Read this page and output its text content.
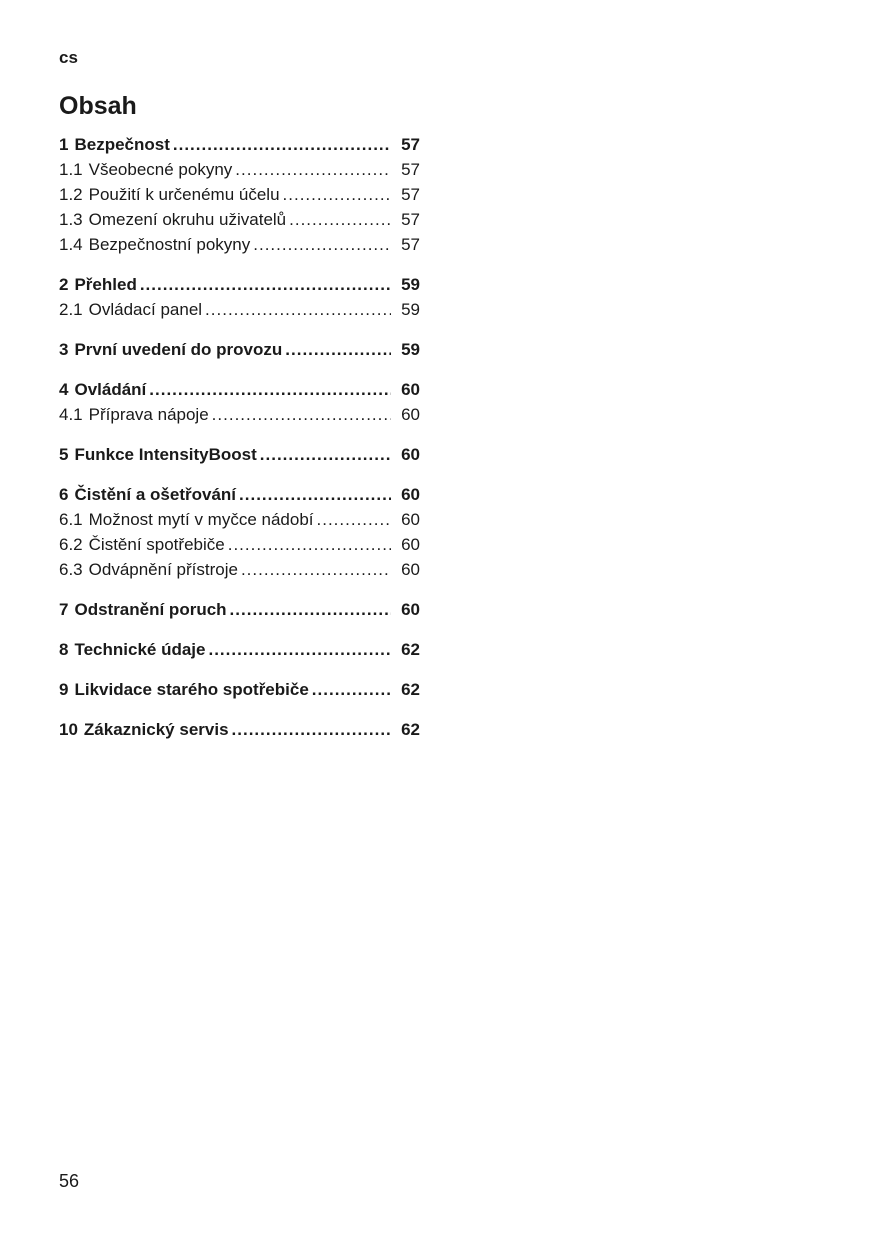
cs
Obsah
1 Bezpečnost .....	57
1.1 Všeobecné pokyny .....	57
1.2 Použití k určenému účelu .....	57
1.3 Omezení okruhu uživatelů .....	57
1.4 Bezpečnostní pokyny .....	57
2 Přehled .....	59
2.1 Ovládací panel .....	59
3 První uvedení do provozu .....	59
4 Ovládání .....	60
4.1 Příprava nápoje .....	60
5 Funkce IntensityBoost .....	60
6 Čistění a ošetřování .....	60
6.1 Možnost mytí v myčce nádobí .....	60
6.2 Čistění spotřebiče .....	60
6.3 Odvápnění přístroje .....	60
7 Odstranění poruch .....	60
8 Technické údaje .....	62
9 Likvidace starého spotřebiče .....	62
10 Zákaznický servis .....	62
56
